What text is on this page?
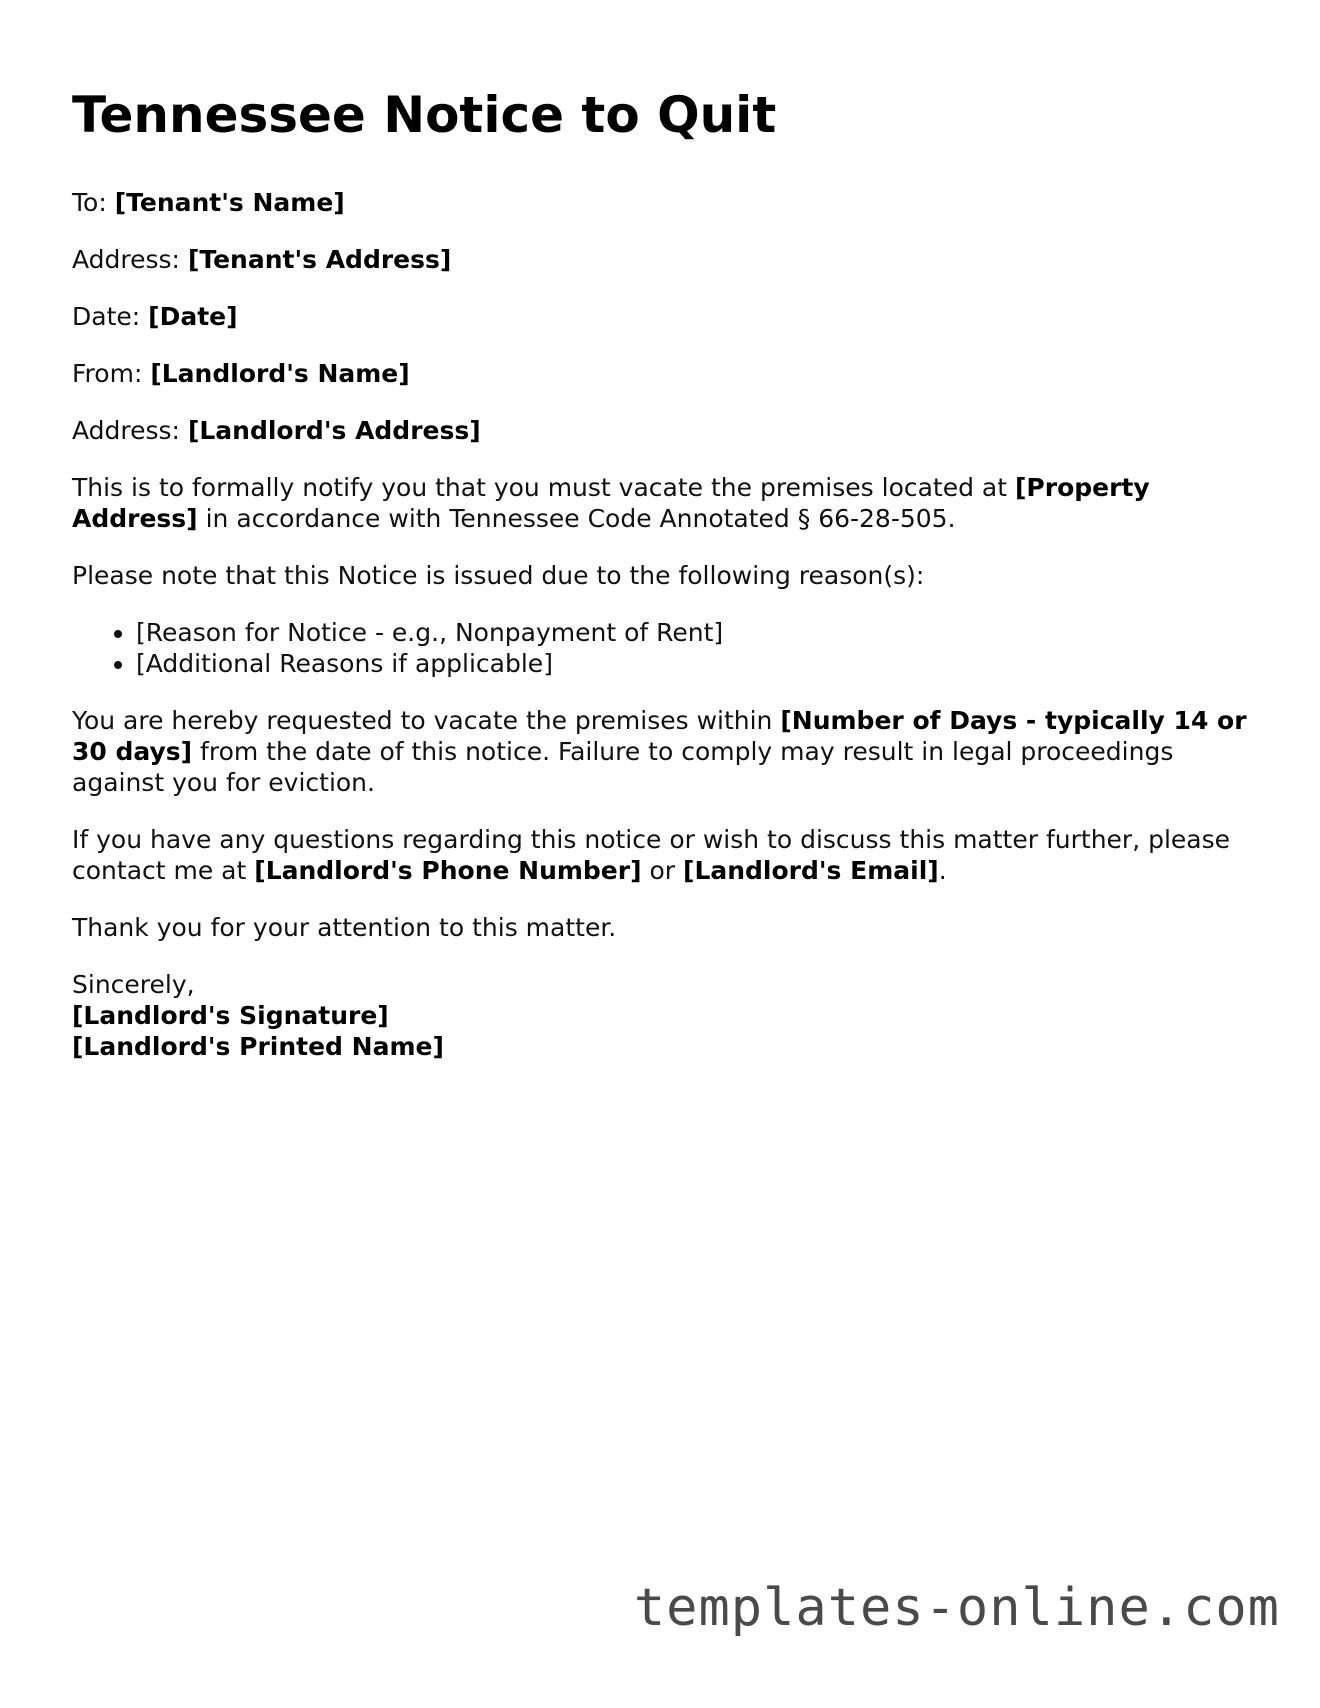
Tennessee Notice to Quit

To: [Tenant's Name]

Address: [Tenant's Address]

Date: [Date]

From: [Landlord's Name]

Address: [Landlord's Address]

This is to formally notify you that you must vacate the premises located at [Property Address] in accordance with Tennessee Code Annotated § 66-28-505.

Please note that this Notice is issued due to the following reason(s):

• [Reason for Notice - e.g., Nonpayment of Rent]
• [Additional Reasons if applicable]

You are hereby requested to vacate the premises within [Number of Days - typically 14 or 30 days] from the date of this notice. Failure to comply may result in legal proceedings against you for eviction.

If you have any questions regarding this notice or wish to discuss this matter further, please contact me at [Landlord's Phone Number] or [Landlord's Email].

Thank you for your attention to this matter.

Sincerely,
[Landlord's Signature]
[Landlord's Printed Name]

templates-online.com
